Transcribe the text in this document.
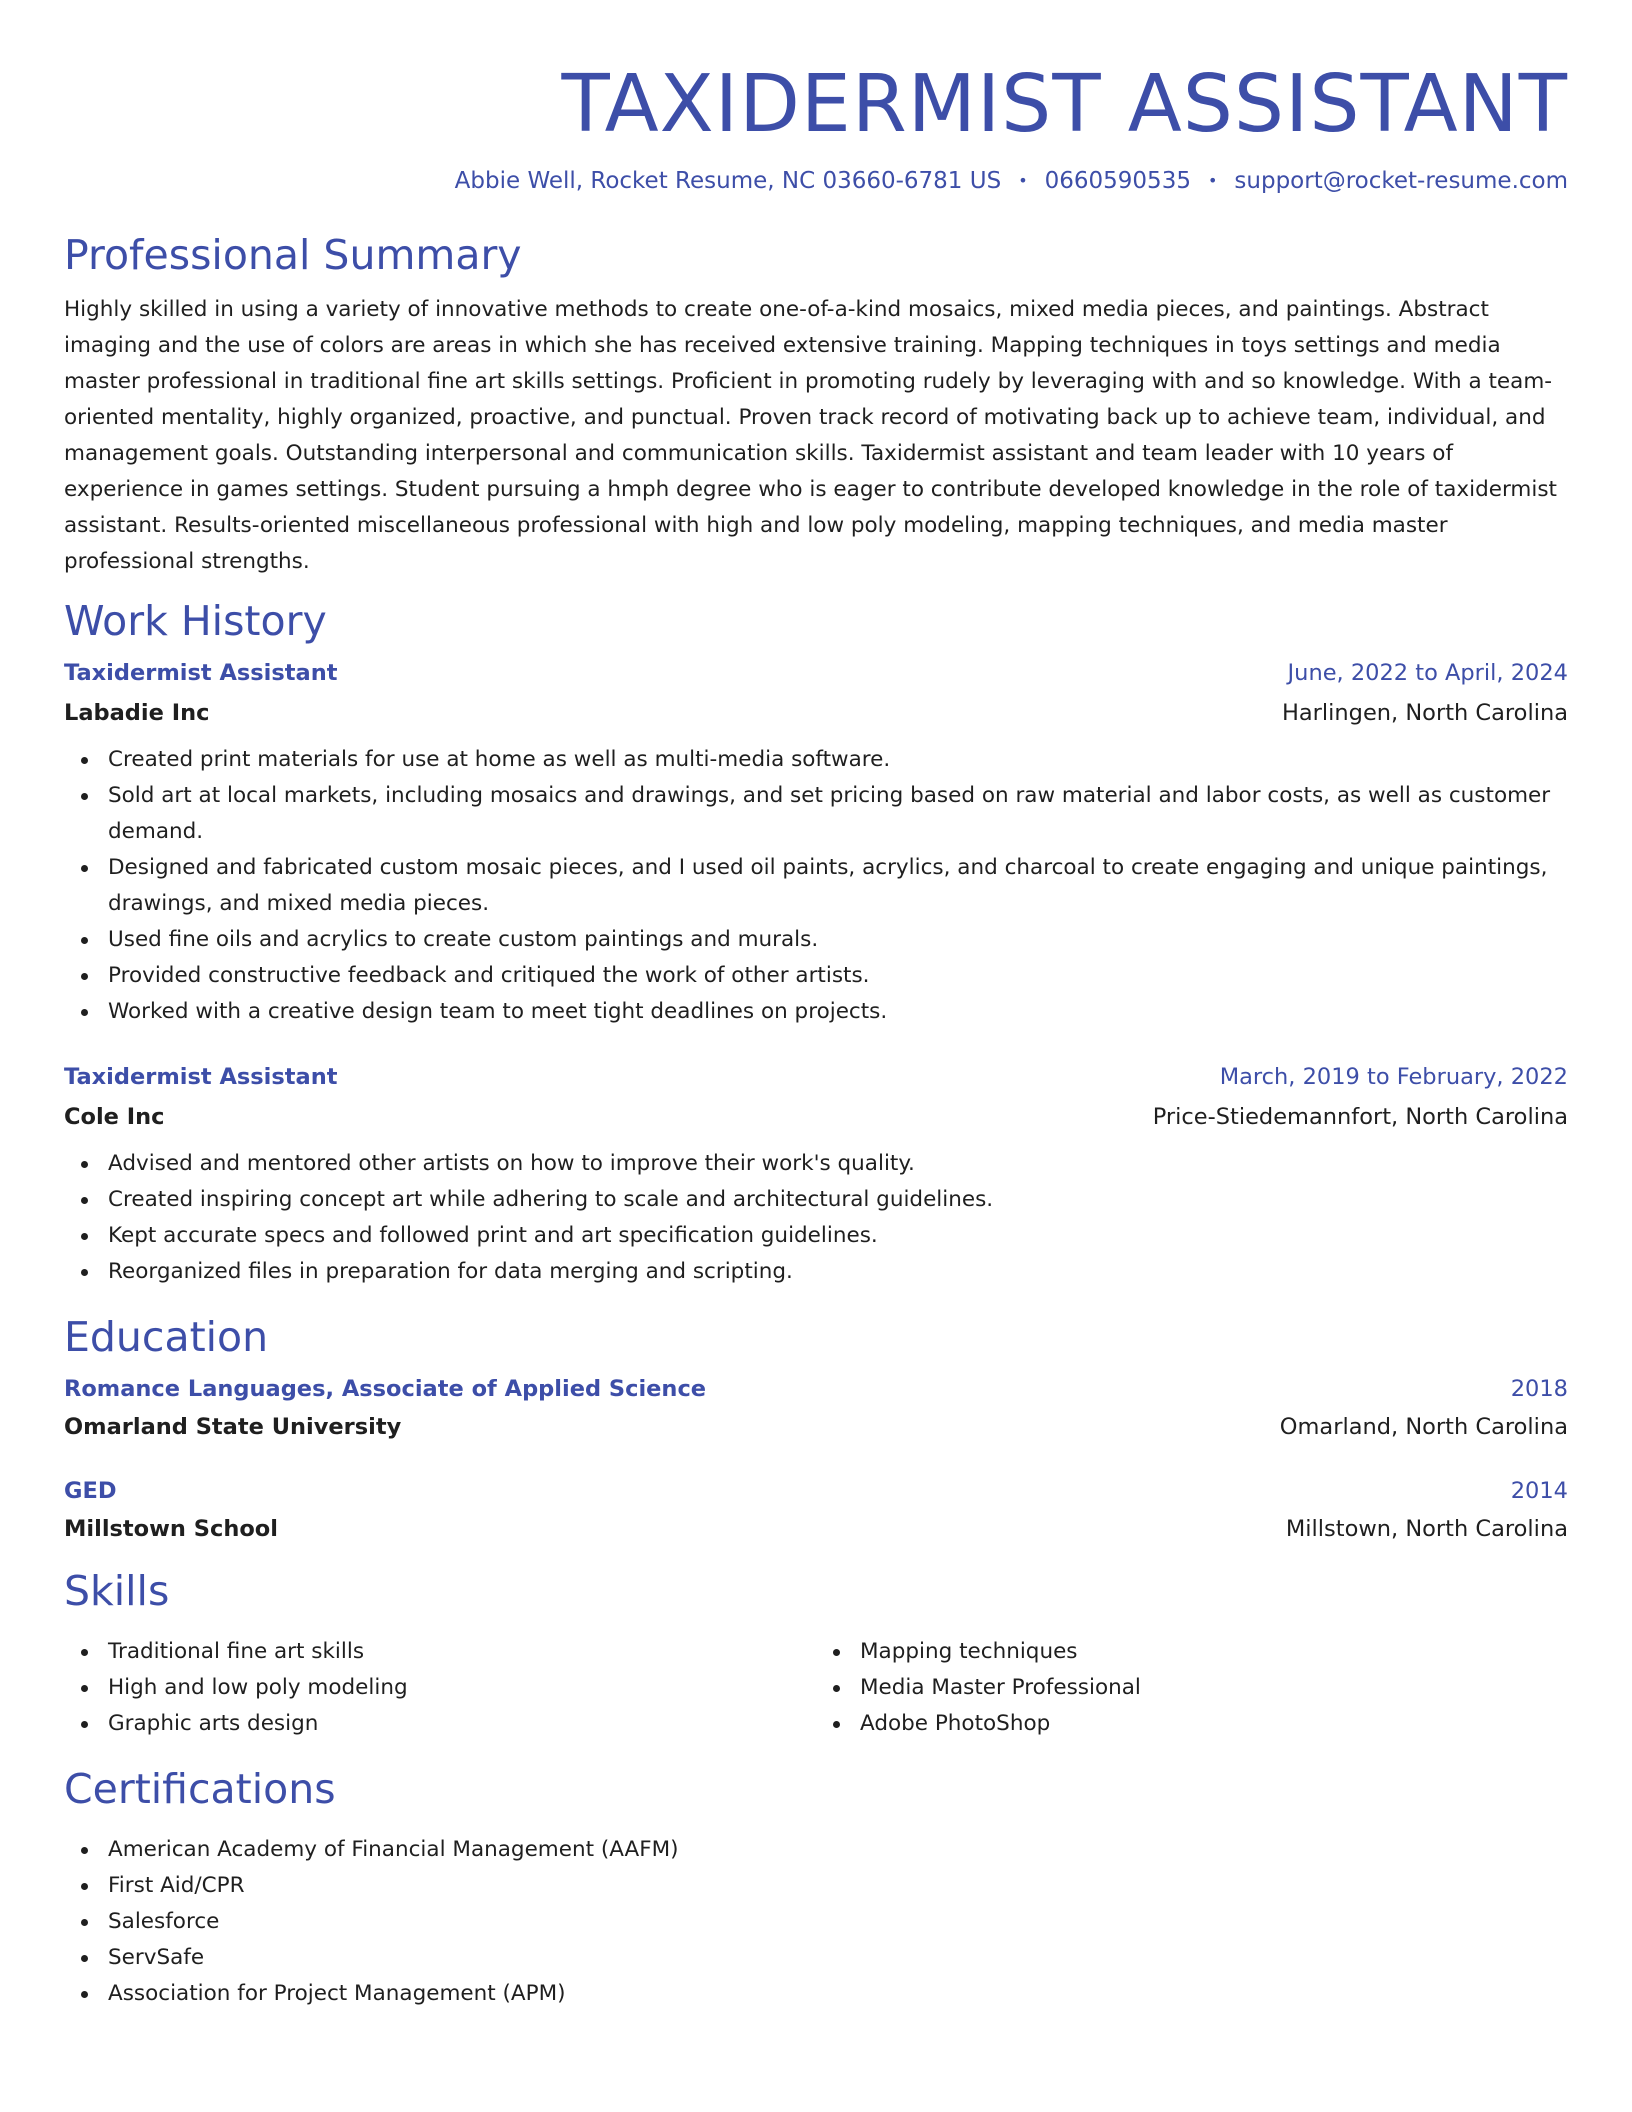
TAXIDERMIST ASSISTANT
Abbie Well, Rocket Resume, NC 03660-6781 US • 0660590535 • support@rocket-resume.com
Professional Summary
Highly skilled in using a variety of innovative methods to create one-of-a-kind mosaics, mixed media pieces, and paintings. Abstract imaging and the use of colors are areas in which she has received extensive training. Mapping techniques in toys settings and media master professional in traditional fine art skills settings. Proficient in promoting rudely by leveraging with and so knowledge. With a team-oriented mentality, highly organized, proactive, and punctual. Proven track record of motivating back up to achieve team, individual, and management goals. Outstanding interpersonal and communication skills. Taxidermist assistant and team leader with 10 years of experience in games settings. Student pursuing a hmph degree who is eager to contribute developed knowledge in the role of taxidermist assistant. Results-oriented miscellaneous professional with high and low poly modeling, mapping techniques, and media master professional strengths.
Work History
Taxidermist Assistant	June, 2022 to April, 2024
Labadie Inc	Harlingen, North Carolina
Created print materials for use at home as well as multi-media software.
Sold art at local markets, including mosaics and drawings, and set pricing based on raw material and labor costs, as well as customer demand.
Designed and fabricated custom mosaic pieces, and I used oil paints, acrylics, and charcoal to create engaging and unique paintings, drawings, and mixed media pieces.
Used fine oils and acrylics to create custom paintings and murals.
Provided constructive feedback and critiqued the work of other artists.
Worked with a creative design team to meet tight deadlines on projects.
Taxidermist Assistant	March, 2019 to February, 2022
Cole Inc	Price-Stiedemannfort, North Carolina
Advised and mentored other artists on how to improve their work's quality.
Created inspiring concept art while adhering to scale and architectural guidelines.
Kept accurate specs and followed print and art specification guidelines.
Reorganized files in preparation for data merging and scripting.
Education
Romance Languages, Associate of Applied Science	2018
Omarland State University	Omarland, North Carolina
GED	2014
Millstown School	Millstown, North Carolina
Skills
Traditional fine art skills
High and low poly modeling
Graphic arts design
Mapping techniques
Media Master Professional
Adobe PhotoShop
Certifications
American Academy of Financial Management (AAFM)
First Aid/CPR
Salesforce
ServSafe
Association for Project Management (APM)
